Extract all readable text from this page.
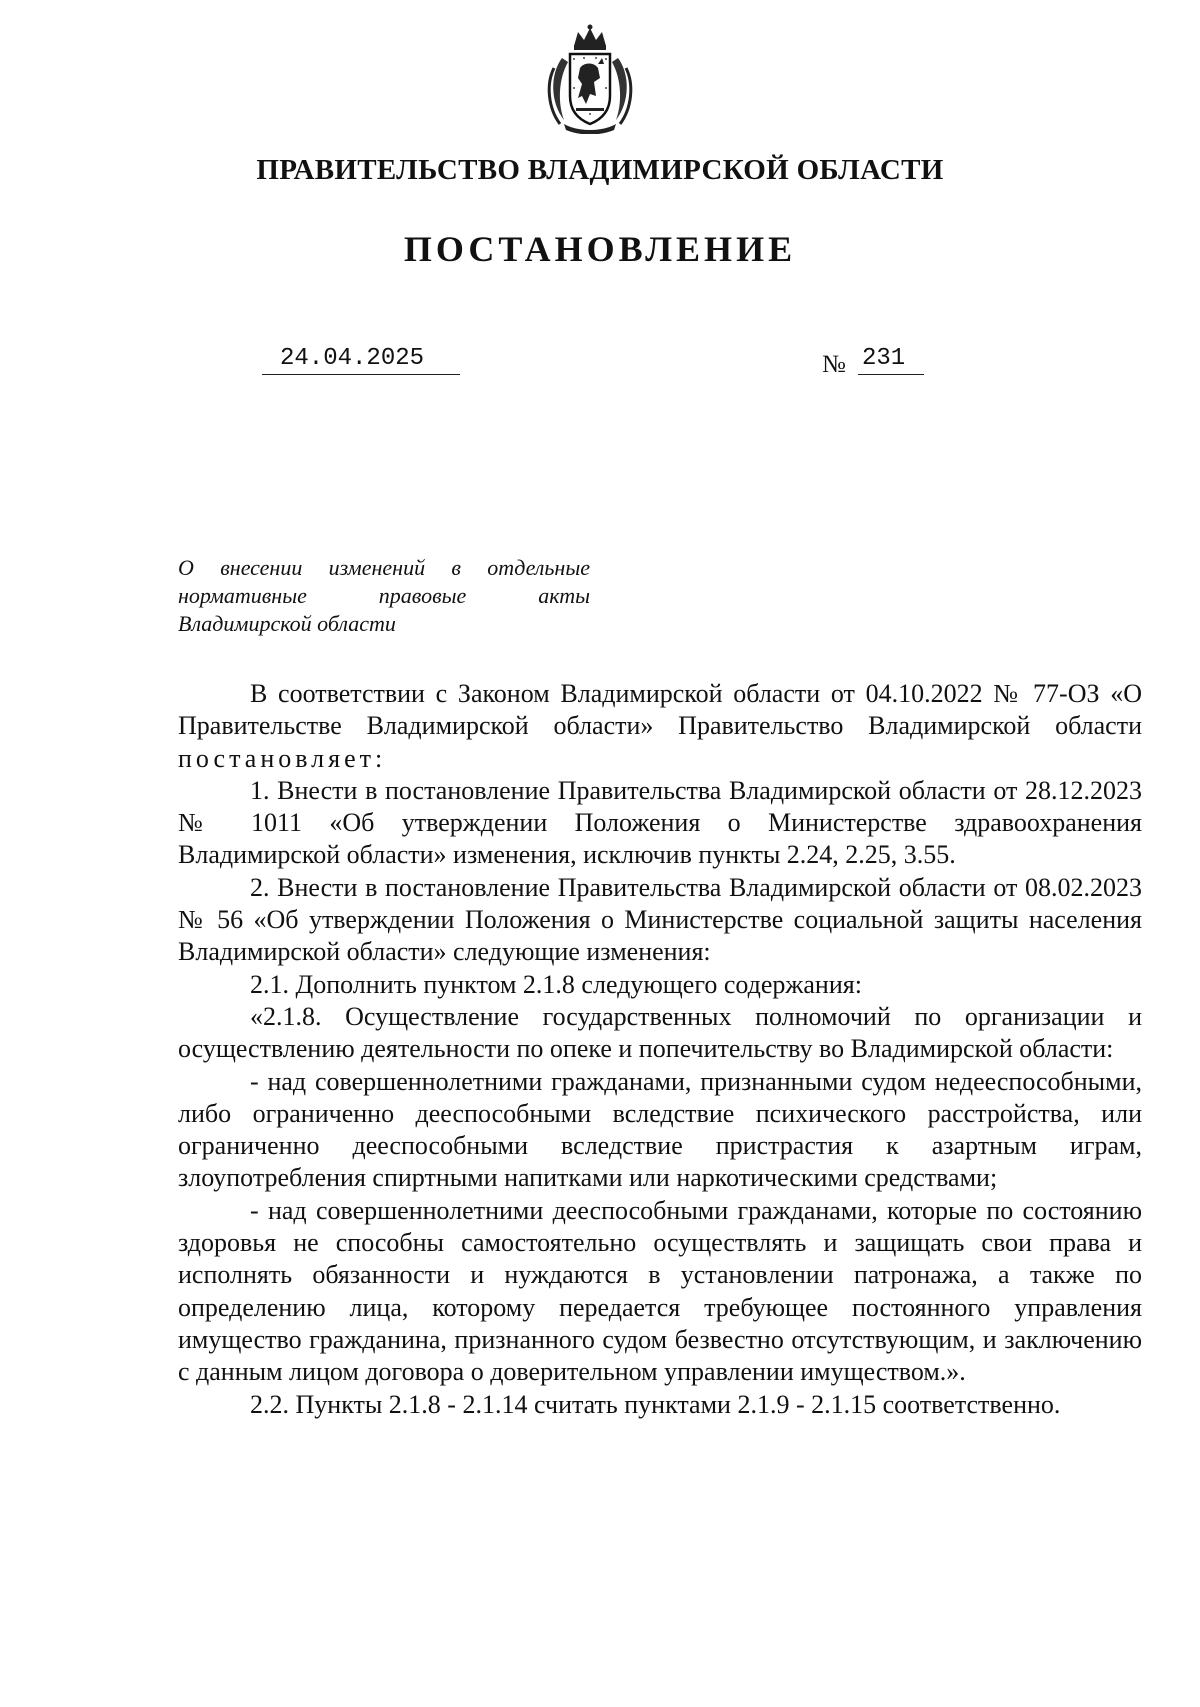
ПРАВИТЕЛЬСТВО ВЛАДИМИРСКОЙ ОБЛАСТИ
ПОСТАНОВЛЕНИЕ
24.04.2025	№ 231
О внесении изменений в отдельные
нормативные правовые акты
Владимирской области

В соответствии с Законом Владимирской области от 04.10.2022 № 77-ОЗ «О Правительстве Владимирской области» Правительство Владимирской области постановляет:

1. Внести в постановление Правительства Владимирской области от 28.12.2023 № 1011 «Об утверждении Положения о Министерстве здравоохранения Владимирской области» изменения, исключив пункты 2.24, 2.25, 3.55.

2. Внести в постановление Правительства Владимирской области от 08.02.2023 № 56 «Об утверждении Положения о Министерстве социальной защиты населения Владимирской области» следующие изменения:

2.1. Дополнить пунктом 2.1.8 следующего содержания:

«2.1.8. Осуществление государственных полномочий по организации и осуществлению деятельности по опеке и попечительству во Владимирской области:

- над совершеннолетними гражданами, признанными судом недееспособными, либо ограниченно дееспособными вследствие психического расстройства, или ограниченно дееспособными вследствие пристрастия к азартным играм, злоупотребления спиртными напитками или наркотическими средствами;

- над совершеннолетними дееспособными гражданами, которые по состоянию здоровья не способны самостоятельно осуществлять и защищать свои права и исполнять обязанности и нуждаются в установлении патронажа, а также по определению лица, которому передается требующее постоянного управления имущество гражданина, признанного судом безвестно отсутствующим, и заключению с данным лицом договора о доверительном управлении имуществом.».

2.2. Пункты 2.1.8 - 2.1.14 считать пунктами 2.1.9 - 2.1.15 соответственно.
